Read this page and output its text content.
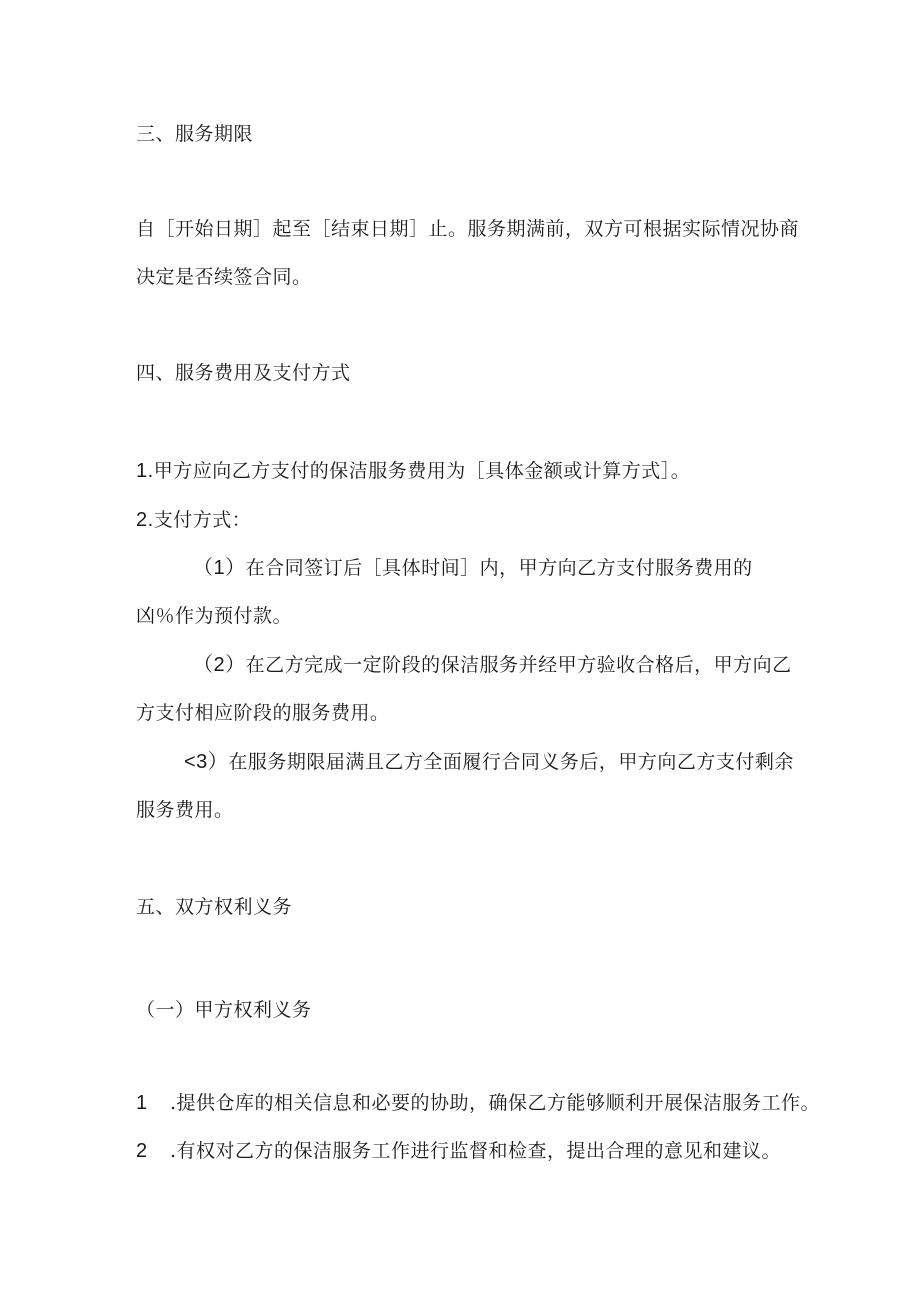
三、服务期限
自［开始日期］起至［结束日期］止。服务期满前，双方可根据实际情况协商
决定是否续签合同。
四、服务费用及支付方式
1.甲方应向乙方支付的保洁服务费用为［具体金额或计算方式］。
2.支付方式：
（1）在合同签订后［具体时间］内，甲方向乙方支付服务费用的
凶％作为预付款。
（2）在乙方完成一定阶段的保洁服务并经甲方验收合格后，甲方向乙
方支付相应阶段的服务费用。
<3）在服务期限届满且乙方全面履行合同义务后，甲方向乙方支付剩余
服务费用。
五、双方权利义务
（一）甲方权利义务
1 .提供仓库的相关信息和必要的协助，确保乙方能够顺利开展保洁服务工作。
2 .有权对乙方的保洁服务工作进行监督和检查，提出合理的意见和建议。
